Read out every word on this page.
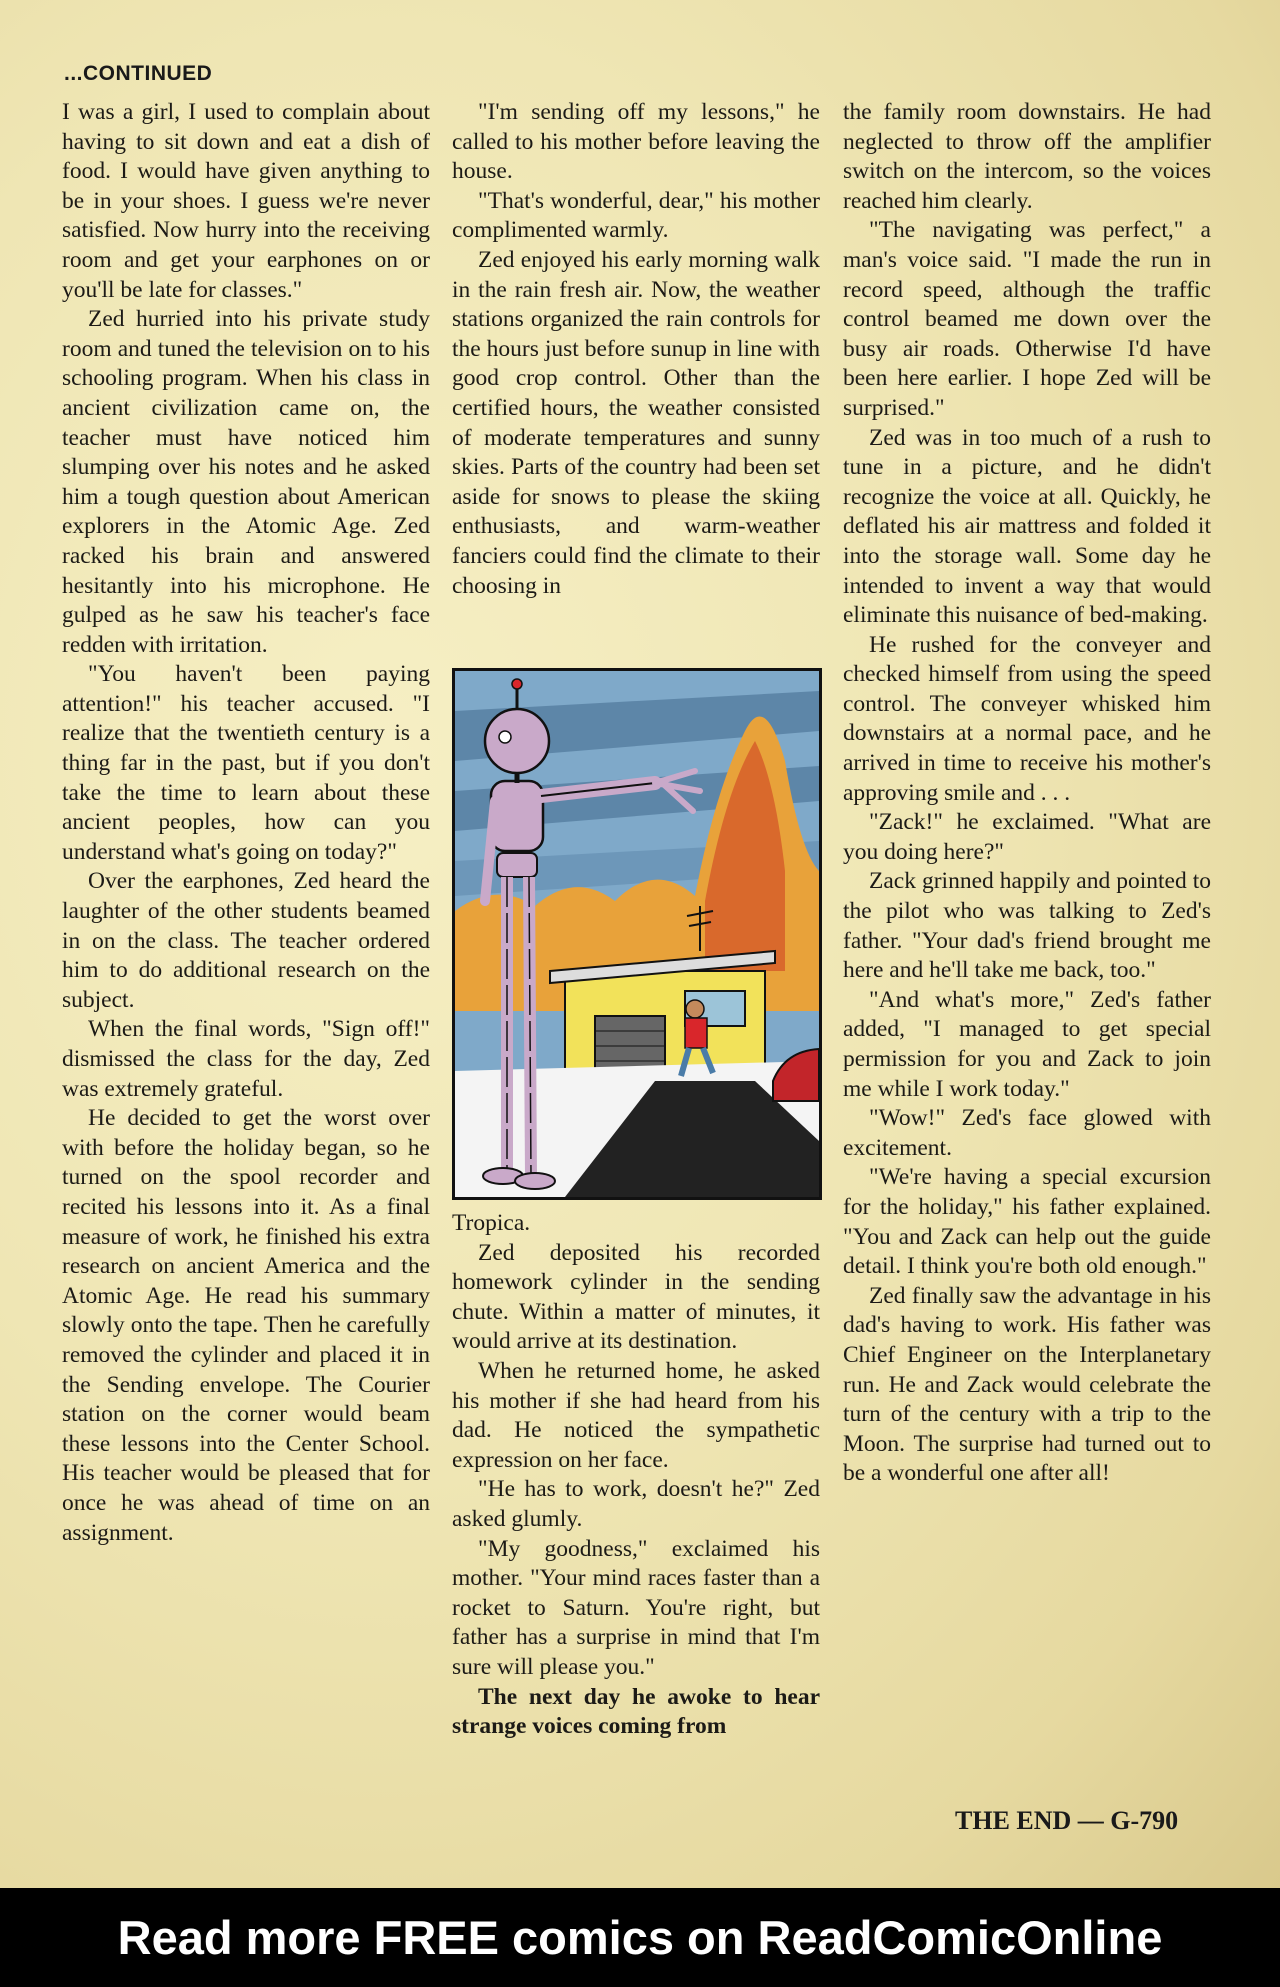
...CONTINUED

I was a girl, I used to complain about having to sit down and eat a dish of food. I would have given anything to be in your shoes. I guess we're never satisfied. Now hurry into the receiving room and get your earphones on or you'll be late for classes."

Zed hurried into his private study room and tuned the television on to his schooling program. When his class in ancient civilization came on, the teacher must have noticed him slumping over his notes and he asked him a tough question about American explorers in the Atomic Age. Zed racked his brain and answered hesitantly into his microphone. He gulped as he saw his teacher's face redden with irritation.

"You haven't been paying attention!" his teacher accused. "I realize that the twentieth century is a thing far in the past, but if you don't take the time to learn about these ancient peoples, how can you understand what's going on today?"

Over the earphones, Zed heard the laughter of the other students beamed in on the class. The teacher ordered him to do additional research on the subject.

When the final words, "Sign off!" dismissed the class for the day, Zed was extremely grateful.

He decided to get the worst over with before the holiday began, so he turned on the spool recorder and recited his lessons into it. As a final measure of work, he finished his extra research on ancient America and the Atomic Age. He read his summary slowly onto the tape. Then he carefully removed the cylinder and placed it in the Sending envelope. The Courier station on the corner would beam these lessons into the Center School. His teacher would be pleased that for once he was ahead of time on an assignment.

"I'm sending off my lessons," he called to his mother before leaving the house.

"That's wonderful, dear," his mother complimented warmly.

Zed enjoyed his early morning walk in the rain fresh air. Now, the weather stations organized the rain controls for the hours just before sunup in line with good crop control. Other than the certified hours, the weather consisted of moderate temperatures and sunny skies. Parts of the country had been set aside for snows to please the skiing enthusiasts, and warm-weather fanciers could find the climate to their choosing in

Tropica.

Zed deposited his recorded homework cylinder in the sending chute. Within a matter of minutes, it would arrive at its destination.

When he returned home, he asked his mother if she had heard from his dad. He noticed the sympathetic expression on her face.

"He has to work, doesn't he?" Zed asked glumly.

"My goodness," exclaimed his mother. "Your mind races faster than a rocket to Saturn. You're right, but father has a surprise in mind that I'm sure will please you."

The next day he awoke to hear strange voices coming from

the family room downstairs. He had neglected to throw off the amplifier switch on the intercom, so the voices reached him clearly.

"The navigating was perfect," a man's voice said. "I made the run in record speed, although the traffic control beamed me down over the busy air roads. Otherwise I'd have been here earlier. I hope Zed will be surprised."

Zed was in too much of a rush to tune in a picture, and he didn't recognize the voice at all. Quickly, he deflated his air mattress and folded it into the storage wall. Some day he intended to invent a way that would eliminate this nuisance of bed-making.

He rushed for the conveyer and checked himself from using the speed control. The conveyer whisked him downstairs at a normal pace, and he arrived in time to receive his mother's approving smile and . . .

"Zack!" he exclaimed. "What are you doing here?"

Zack grinned happily and pointed to the pilot who was talking to Zed's father. "Your dad's friend brought me here and he'll take me back, too."

"And what's more," Zed's father added, "I managed to get special permission for you and Zack to join me while I work today."

"Wow!" Zed's face glowed with excitement.

"We're having a special excursion for the holiday," his father explained. "You and Zack can help out the guide detail. I think you're both old enough."

Zed finally saw the advantage in his dad's having to work. His father was Chief Engineer on the Interplanetary run. He and Zack would celebrate the turn of the century with a trip to the Moon. The surprise had turned out to be a wonderful one after all!

THE END — G-790
Read more FREE comics on ReadComicOnline
